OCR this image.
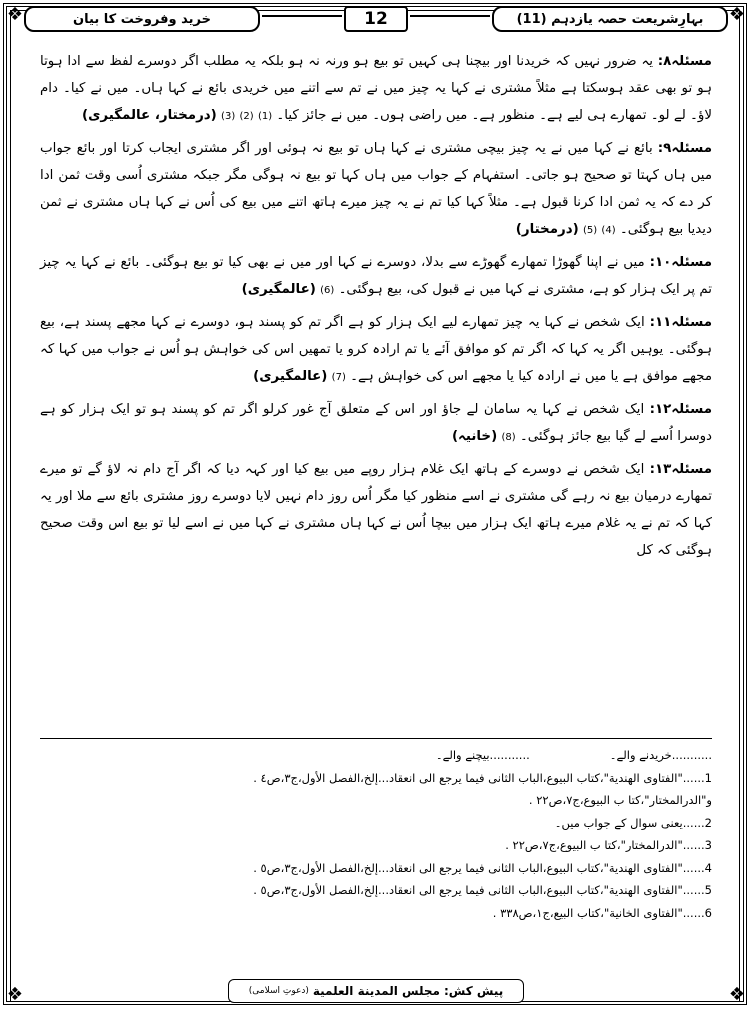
❖	❖
❖	❖
خرید وفروخت کا بیان	12	بہارِشریعت حصہ یازدہم (11)

مسئلہ۸: یہ ضرور نہیں کہ خریدنا اور بیچنا ہی کہیں تو بیع ہو ورنہ نہ ہو بلکہ یہ مطلب اگر دوسرے لفظ سے ادا ہوتا ہو تو بھی عقد ہوسکتا ہے مثلاً مشتری نے کہا یہ چیز میں نے تم سے اتنے میں خریدی بائع نے کہا ہاں۔ میں نے کیا۔ دام لاؤ۔ لے لو۔ تمھارے ہی لیے ہے۔ منظور ہے۔ میں راضی ہوں۔ میں نے جائز کیا۔ (1) (2) (3) (درمختار، عالمگیری)

مسئلہ۹: بائع نے کہا میں نے یہ چیز بیچی مشتری نے کہا ہاں تو بیع نہ ہوئی اور اگر مشتری ایجاب کرتا اور بائع جواب میں ہاں کہتا تو صحیح ہو جاتی۔ استفہام کے جواب میں ہاں کہا تو بیع نہ ہوگی مگر جبکہ مشتری اُسی وقت ثمن ادا کر دے کہ یہ ثمن ادا کرنا قبول ہے۔ مثلاً کہا کیا تم نے یہ چیز میرے ہاتھ اتنے میں بیع کی اُس نے کہا ہاں مشتری نے ثمن دیدیا بیع ہوگئی۔ (4) (5) (درمختار)

مسئلہ۱۰: میں نے اپنا گھوڑا تمھارے گھوڑے سے بدلا، دوسرے نے کہا اور میں نے بھی کیا تو بیع ہوگئی۔ بائع نے کہا یہ چیز تم پر ایک ہزار کو ہے، مشتری نے کہا میں نے قبول کی، بیع ہوگئی۔ (6) (عالمگیری)

مسئلہ۱۱: ایک شخص نے کہا یہ چیز تمھارے لیے ایک ہزار کو ہے اگر تم کو پسند ہو، دوسرے نے کہا مجھے پسند ہے، بیع ہوگئی۔ یوہیں اگر یہ کہا کہ اگر تم کو موافق آئے یا تم ارادہ کرو یا تمھیں اس کی خواہش ہو اُس نے جواب میں کہا کہ مجھے موافق ہے یا میں نے ارادہ کیا یا مجھے اس کی خواہش ہے۔ (7) (عالمگیری)

مسئلہ۱۲: ایک شخص نے کہا یہ سامان لے جاؤ اور اس کے متعلق آج غور کرلو اگر تم کو پسند ہو تو ایک ہزار کو ہے دوسرا اُسے لے گیا بیع جائز ہوگئی۔ (8) (خانیہ)

مسئلہ۱۳: ایک شخص نے دوسرے کے ہاتھ ایک غلام ہزار روپے میں بیع کیا اور کہہ دیا کہ اگر آج دام نہ لاؤ گے تو میرے تمھارے درمیان بیع نہ رہے گی مشتری نے اسے منظور کیا مگر اُس روز دام نہیں لایا دوسرے روز مشتری بائع سے ملا اور یہ کہا کہ تم نے یہ غلام میرے ہاتھ ایک ہزار میں بیچا اُس نے کہا ہاں مشتری نے کہا میں نے اسے لیا تو بیع اس وقت صحیح ہوگئی کہ کل

...........خریدنے والے۔
...........بیچنے والے۔
1......"الفتاوى الهندية"،كتاب البيوع،الباب الثانى فيما يرجع الى انعقاد...إلخ،الفصل الأول،ج٣،ص٤ .
و"الدرالمختار"،كتا ب البيوع،ج٧،ص٢٢ .
2......یعنی سوال کے جواب میں۔
3......"الدرالمختار"،كتا ب البيوع،ج٧،ص٢٢ .
4......"الفتاوى الهندية"،كتاب البيوع،الباب الثانى فيما يرجع الى انعقاد...إلخ،الفصل الأول،ج٣،ص٥ .
5......"الفتاوى الهندية"،كتاب البيوع،الباب الثانى فيما يرجع الى انعقاد...إلخ،الفصل الأول،ج٣،ص٥ .
6......"الفتاوى الخانية"،كتاب البيع،ج١،ص٣٣٨ .
پیش کش:
مجلس المدينة العلمية
(دعوتِ اسلامی)
